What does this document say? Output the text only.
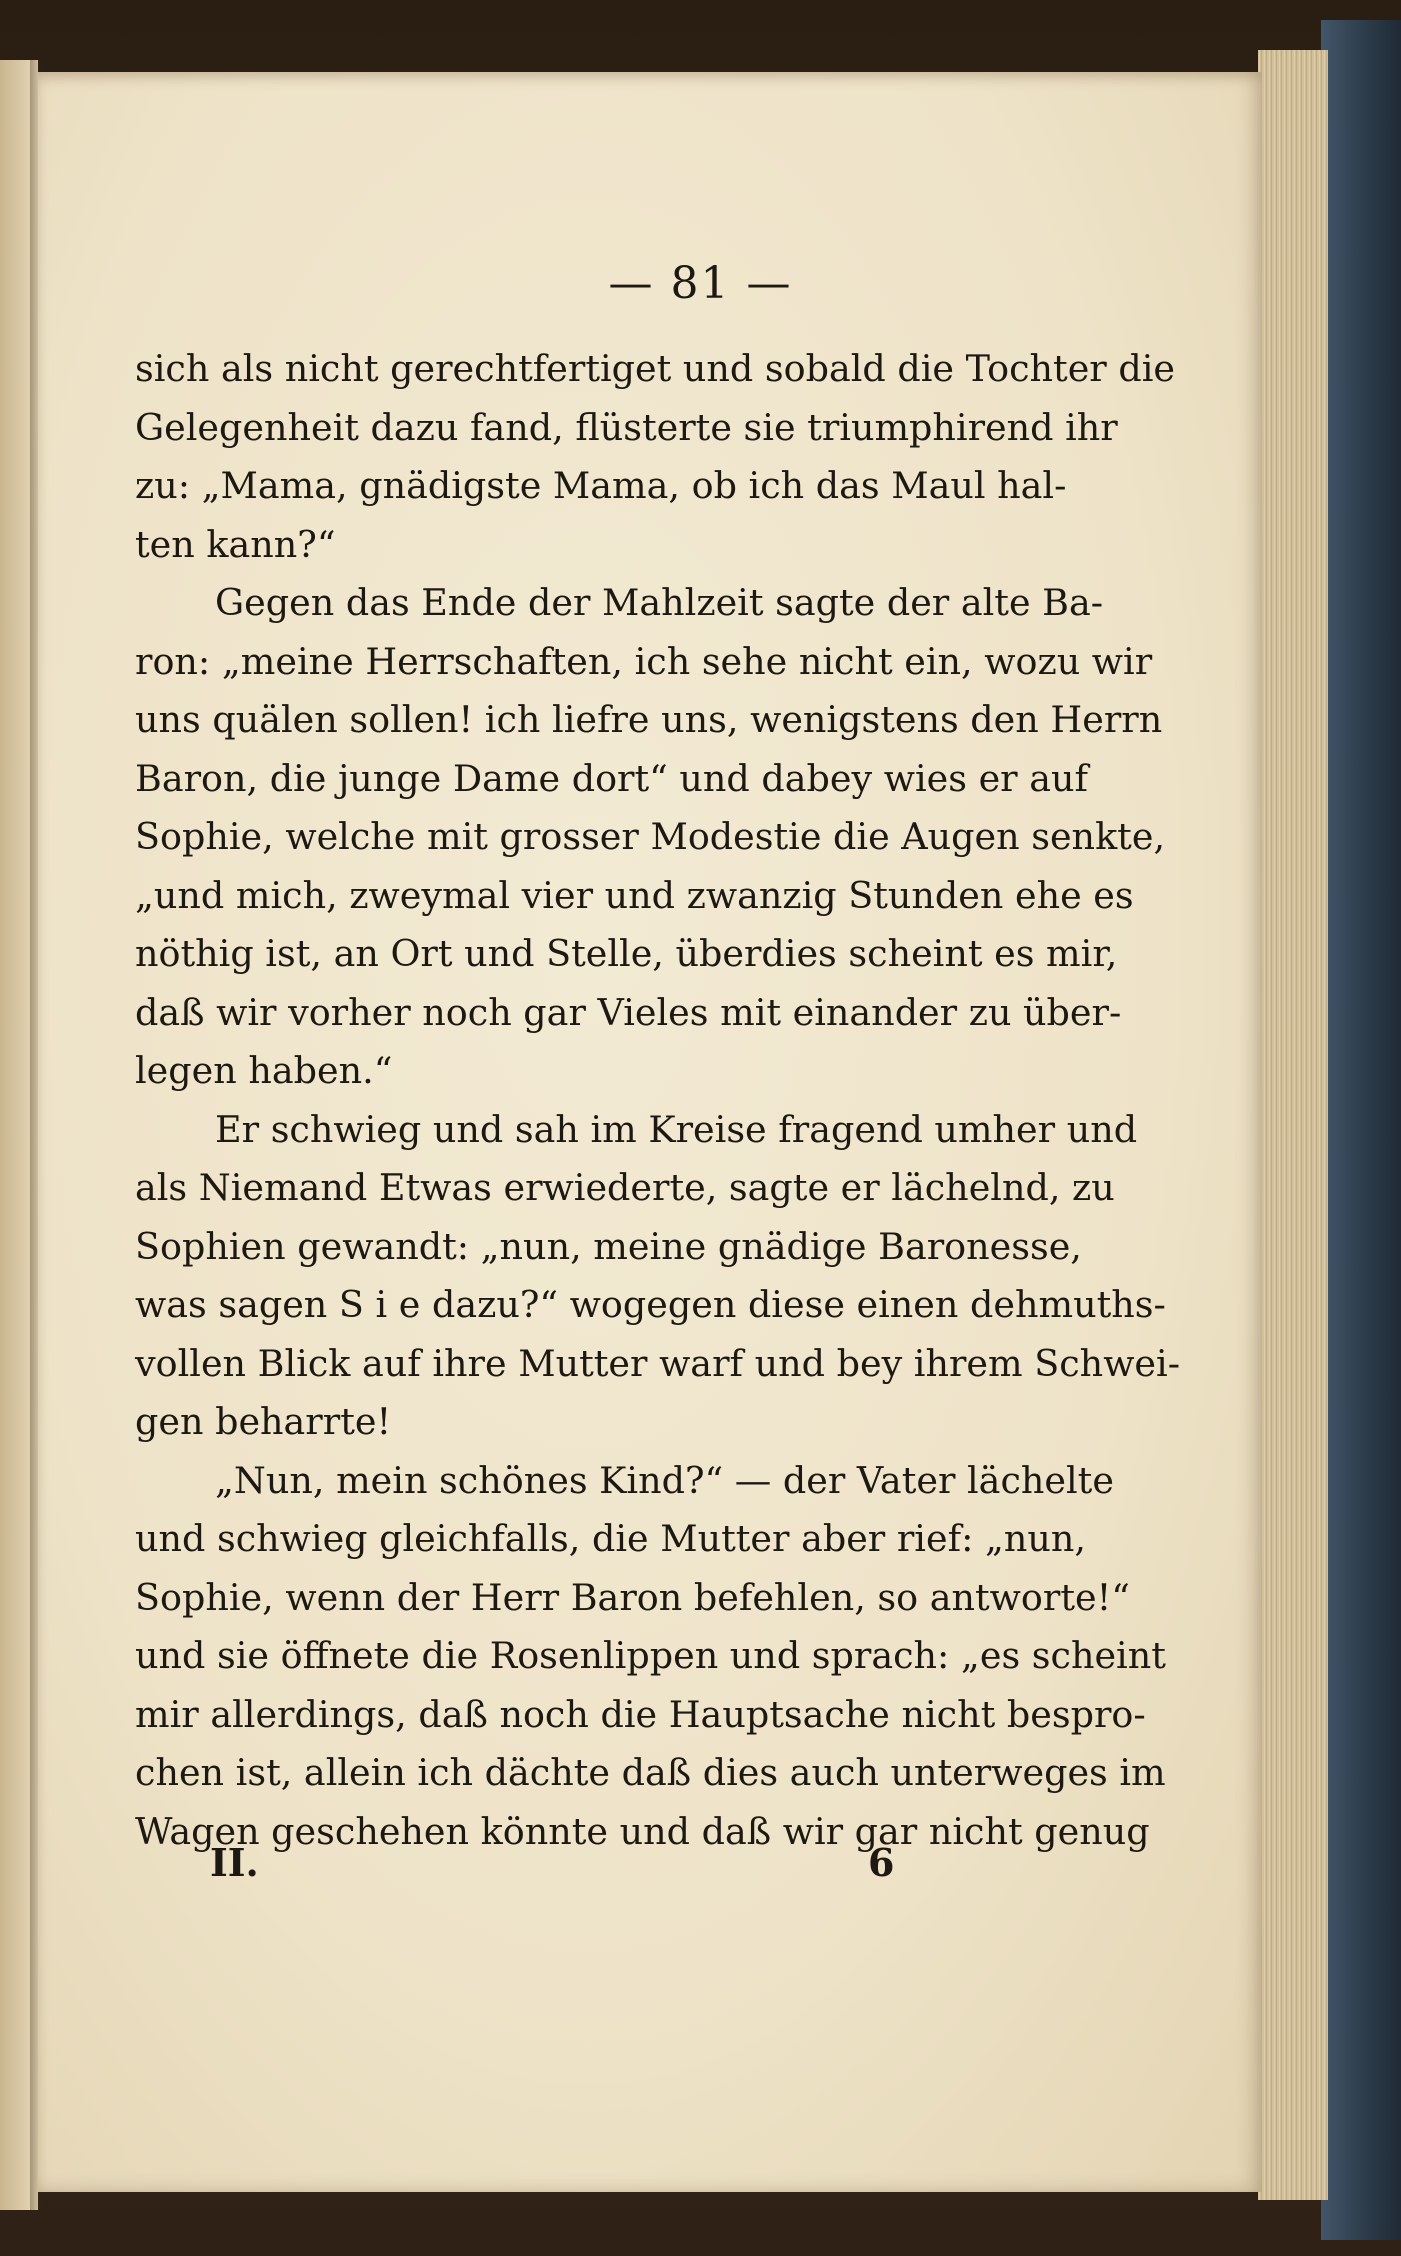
— 81 —
sich als nicht gerechtfertiget und sobald die Tochter die
Gelegenheit dazu fand, flüsterte sie triumphirend ihr
zu: „Mama, gnädigste Mama, ob ich das Maul hal-
ten kann?“
Gegen das Ende der Mahlzeit sagte der alte Ba-
ron: „meine Herrschaften, ich sehe nicht ein, wozu wir
uns quälen sollen! ich liefre uns, wenigstens den Herrn
Baron, die junge Dame dort“ und dabey wies er auf
Sophie, welche mit grosser Modestie die Augen senkte,
„und mich, zweymal vier und zwanzig Stunden ehe es
nöthig ist, an Ort und Stelle, überdies scheint es mir,
daß wir vorher noch gar Vieles mit einander zu über-
legen haben.“
Er schwieg und sah im Kreise fragend umher und
als Niemand Etwas erwiederte, sagte er lächelnd, zu
Sophien gewandt: „nun, meine gnädige Baronesse,
was sagen S i e dazu?“ wogegen diese einen dehmuths-
vollen Blick auf ihre Mutter warf und bey ihrem Schwei-
gen beharrte!
„Nun, mein schönes Kind?“ — der Vater lächelte
und schwieg gleichfalls, die Mutter aber rief: „nun,
Sophie, wenn der Herr Baron befehlen, so antworte!“
und sie öffnete die Rosenlippen und sprach: „es scheint
mir allerdings, daß noch die Hauptsache nicht bespro-
chen ist, allein ich dächte daß dies auch unterweges im
Wagen geschehen könnte und daß wir gar nicht genug
II.	6
